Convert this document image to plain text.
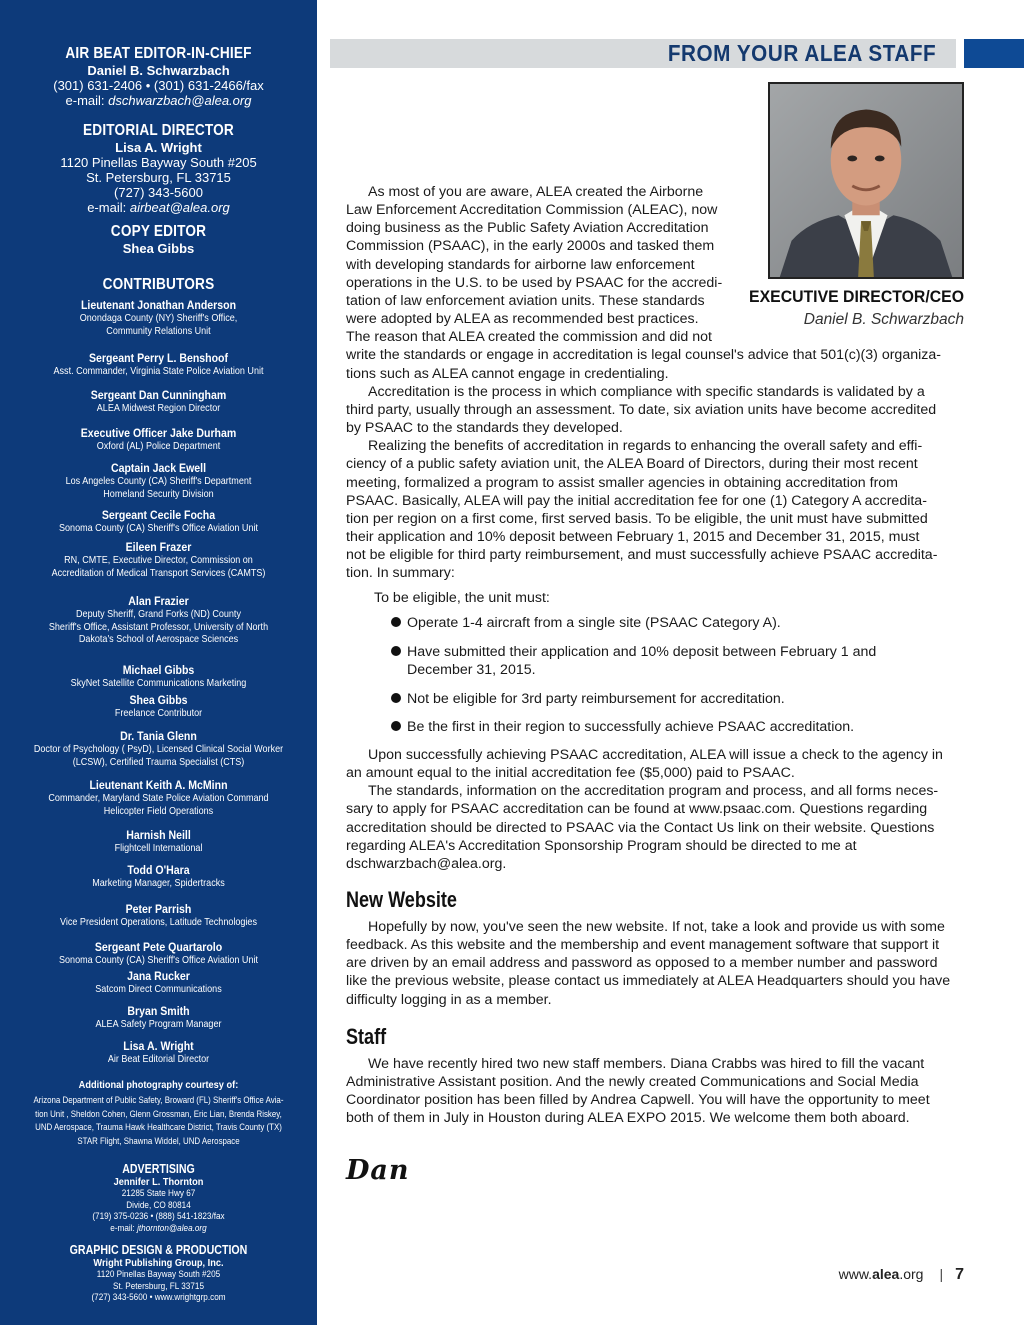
AIR BEAT EDITOR-IN-CHIEF
Daniel B. Schwarzbach
(301) 631-2406 • (301) 631-2466/fax
e-mail: dschwarzbach@alea.org
EDITORIAL DIRECTOR
Lisa A. Wright
1120 Pinellas Bayway South #205
St. Petersburg, FL 33715
(727) 343-5600
e-mail: airbeat@alea.org
COPY EDITOR
Shea Gibbs
CONTRIBUTORS
Lieutenant Jonathan Anderson
Onondaga County (NY) Sheriff's Office,
Community Relations Unit
Sergeant Perry L. Benshoof
Asst. Commander, Virginia State Police Aviation Unit
Sergeant Dan Cunningham
ALEA Midwest Region Director
Executive Officer Jake Durham
Oxford (AL) Police Department
Captain Jack Ewell
Los Angeles County (CA) Sheriff's Department
Homeland Security Division
Sergeant Cecile Focha
Sonoma County (CA) Sheriff's Office Aviation Unit
Eileen Frazer
RN, CMTE, Executive Director, Commission on
Accreditation of Medical Transport Services (CAMTS)
Alan Frazier
Deputy Sheriff, Grand Forks (ND) County
Sheriff's Office, Assistant Professor, University of North
Dakota's School of Aerospace Sciences
Michael Gibbs
SkyNet Satellite Communications Marketing
Shea Gibbs
Freelance Contributor
Dr. Tania Glenn
Doctor of Psychology ( PsyD), Licensed Clinical Social Worker
(LCSW), Certified Trauma Specialist (CTS)
Lieutenant Keith A. McMinn
Commander, Maryland State Police Aviation Command
Helicopter Field Operations
Harnish Neill
Flightcell International
Todd O'Hara
Marketing Manager, Spidertracks
Peter Parrish
Vice President Operations, Latitude Technologies
Sergeant Pete Quartarolo
Sonoma County (CA) Sheriff's Office Aviation Unit
Jana Rucker
Satcom Direct Communications
Bryan Smith
ALEA Safety Program Manager
Lisa A. Wright
Air Beat Editorial Director
Additional photography courtesy of:
Arizona Department of Public Safety, Broward (FL) Sheriff's Office Avia-
tion Unit , Sheldon Cohen, Glenn Grossman, Eric Lian, Brenda Riskey,
UND Aerospace, Trauma Hawk Healthcare District, Travis County (TX)
STAR Flight, Shawna Widdel, UND Aerospace
ADVERTISING
Jennifer L. Thornton
21285 State Hwy 67
Divide, CO 80814
(719) 375-0236 • (888) 541-1823/fax
e-mail: jthornton@alea.org
GRAPHIC DESIGN & PRODUCTION
Wright Publishing Group, Inc.
1120 Pinellas Bayway South #205
St. Petersburg, FL 33715
(727) 343-5600 • www.wrightgrp.com
FROM YOUR ALEA STAFF
EXECUTIVE DIRECTOR/CEO
Daniel B. Schwarzbach

As most of you are aware, ALEA created the Airborne

Law Enforcement Accreditation Commission (ALEAC), now

doing business as the Public Safety Aviation Accreditation

Commission (PSAAC), in the early 2000s and tasked them

with developing standards for airborne law enforcement

operations in the U.S. to be used by PSAAC for the accredi-

tation of law enforcement aviation units. These standards

were adopted by ALEA as recommended best practices.

The reason that ALEA created the commission and did not

write the standards or engage in accreditation is legal counsel's advice that 501(c)(3) organiza-

tions such as ALEA cannot engage in credentialing.

Accreditation is the process in which compliance with specific standards is validated by a

third party, usually through an assessment. To date, six aviation units have become accredited

by PSAAC to the standards they developed.

Realizing the benefits of accreditation in regards to enhancing the overall safety and effi-

ciency of a public safety aviation unit, the ALEA Board of Directors, during their most recent

meeting, formalized a program to assist smaller agencies in obtaining accreditation from

PSAAC. Basically, ALEA will pay the initial accreditation fee for one (1) Category A accredita-

tion per region on a first come, first served basis. To be eligible, the unit must have submitted

their application and 10% deposit between February 1, 2015 and December 31, 2015, must

not be eligible for third party reimbursement, and must successfully achieve PSAAC accredita-

tion. In summary:

To be eligible, the unit must:

Operate 1-4 aircraft from a single site (PSAAC Category A).
Have submitted their application and 10% deposit between February 1 and
December 31, 2015.
Not be eligible for 3rd party reimbursement for accreditation.
Be the first in their region to successfully achieve PSAAC accreditation.

Upon successfully achieving PSAAC accreditation, ALEA will issue a check to the agency in

an amount equal to the initial accreditation fee ($5,000) paid to PSAAC.

The standards, information on the accreditation program and process, and all forms neces-

sary to apply for PSAAC accreditation can be found at www.psaac.com. Questions regarding

accreditation should be directed to PSAAC via the Contact Us link on their website. Questions

regarding ALEA's Accreditation Sponsorship Program should be directed to me at

dschwarzbach@alea.org.

New Website

Hopefully by now, you've seen the new website. If not, take a look and provide us with some

feedback. As this website and the membership and event management software that support it

are driven by an email address and password as opposed to a member number and password

like the previous website, please contact us immediately at ALEA Headquarters should you have

difficulty logging in as a member.

Staff

We have recently hired two new staff members. Diana Crabbs was hired to fill the vacant

Administrative Assistant position. And the newly created Communications and Social Media

Coordinator position has been filled by Andrea Capwell. You will have the opportunity to meet

both of them in July in Houston during ALEA EXPO 2015. We welcome them both aboard.

Dan
www.alea.org | 7
